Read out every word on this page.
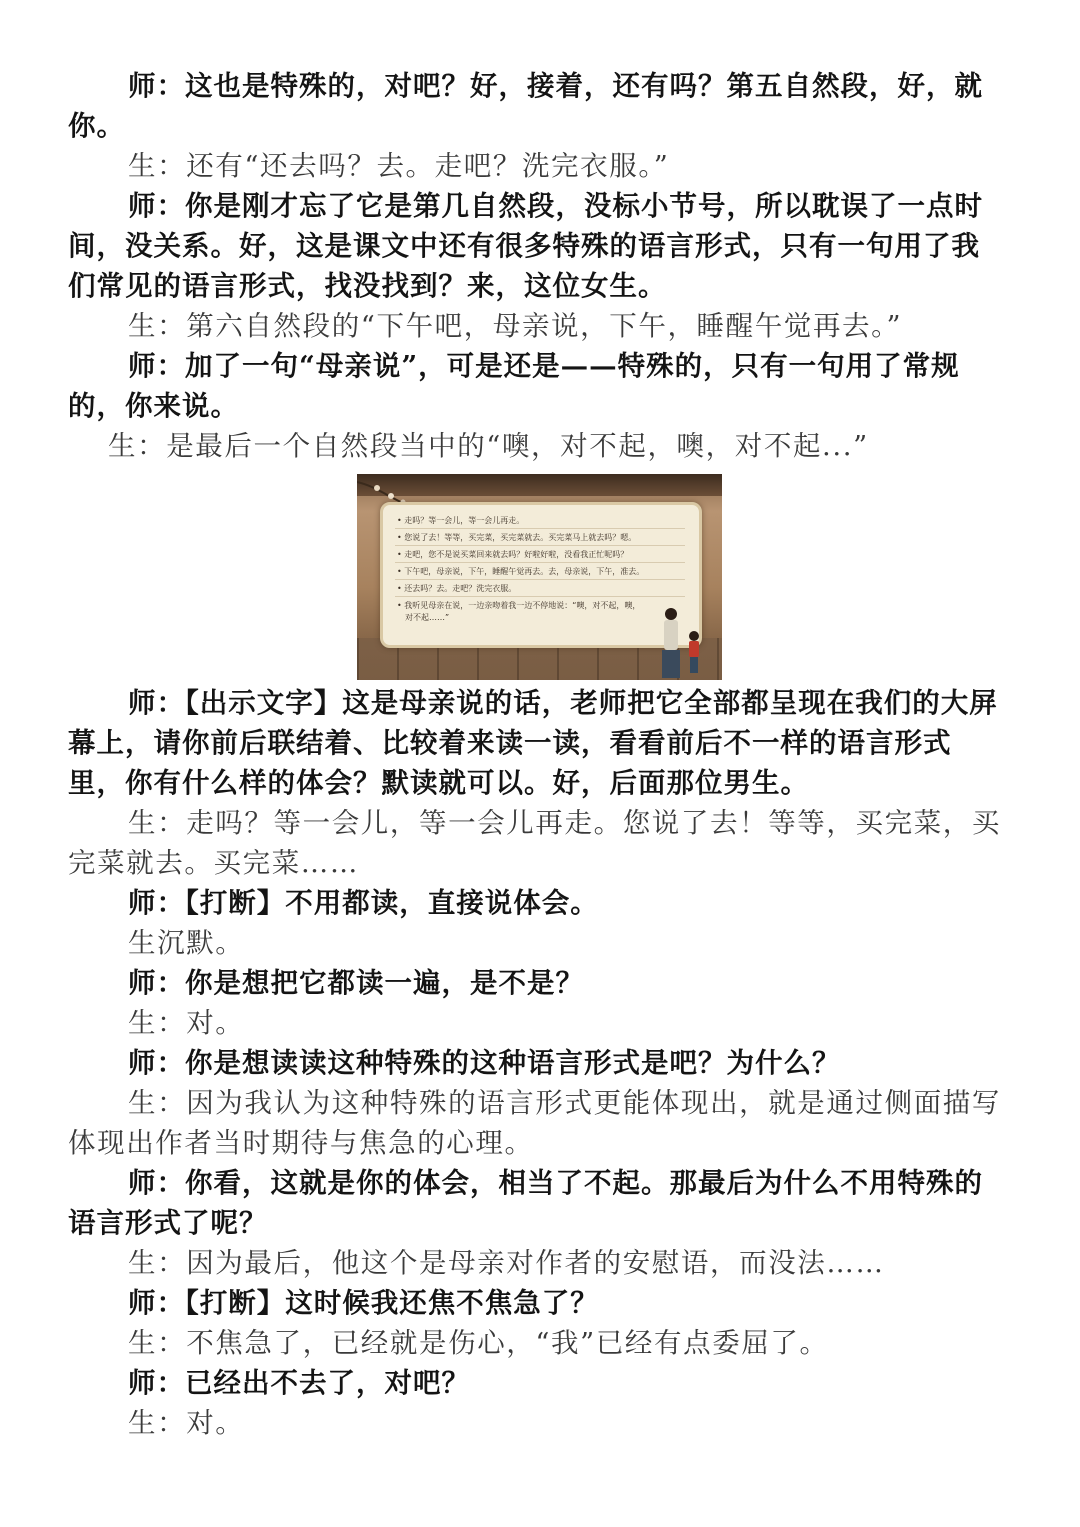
师：这也是特殊的，对吧？好，接着，还有吗？第五自然段，好，就
你。
生：还有“还去吗？去。走吧？洗完衣服。”
师：你是刚才忘了它是第几自然段，没标小节号，所以耽误了一点时
间，没关系。好，这是课文中还有很多特殊的语言形式，只有一句用了我
们常见的语言形式，找没找到？来，这位女生。
生：第六自然段的“下午吧，母亲说，下午，睡醒午觉再去。”
师：加了一句“母亲说”，可是还是——特殊的，只有一句用了常规
的，你来说。
生：是最后一个自然段当中的“噢，对不起，噢，对不起...”
• 走吗？等一会儿，等一会儿再走。
• 您说了去！等等，买完菜，买完菜就去。买完菜马上就去吗？嗯。
• 走吧，您不是说买菜回来就去吗？好啦好啦，没看我正忙呢吗？
• 下午吧，母亲说，下午，睡醒午觉再去。去，母亲说，下午，准去。
• 还去吗？去。走吧？洗完衣服。
• 我听见母亲在说，一边亲吻着我一边不停地说：“噢，对不起，噢，
对不起……”
师：【出示文字】这是母亲说的话，老师把它全部都呈现在我们的大屏
幕上，请你前后联结着、比较着来读一读，看看前后不一样的语言形式
里，你有什么样的体会？默读就可以。好，后面那位男生。
生：走吗？等一会儿，等一会儿再走。您说了去！等等，买完菜，买
完菜就去。买完菜……
师：【打断】不用都读，直接说体会。
生沉默。
师：你是想把它都读一遍，是不是？
生：对。
师：你是想读读这种特殊的这种语言形式是吧？为什么？
生：因为我认为这种特殊的语言形式更能体现出，就是通过侧面描写
体现出作者当时期待与焦急的心理。
师：你看，这就是你的体会，相当了不起。那最后为什么不用特殊的
语言形式了呢？
生：因为最后，他这个是母亲对作者的安慰语，而没法……
师：【打断】这时候我还焦不焦急了？
生：不焦急了，已经就是伤心，“我”已经有点委屈了。
师：已经出不去了，对吧？
生：对。
